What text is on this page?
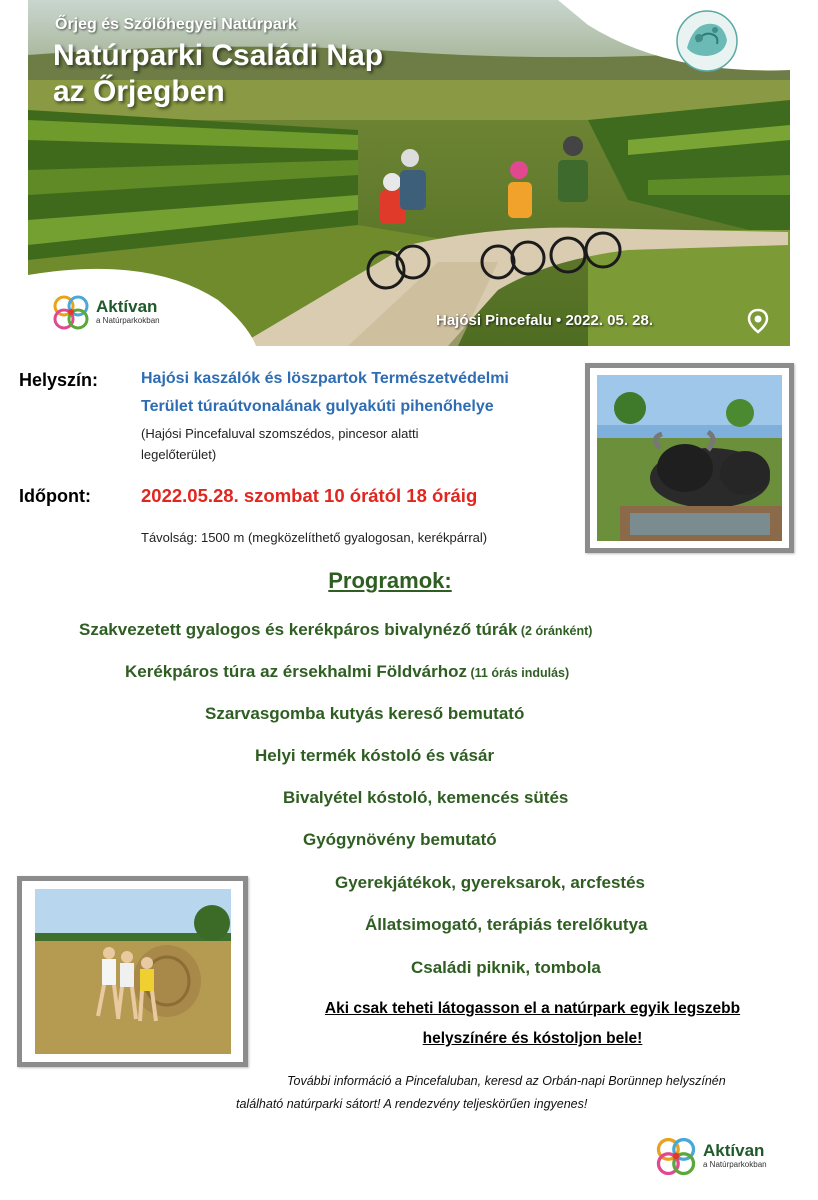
Őrjeg és Szőlőhegyei Natúrpark
Natúrparki Családi Nap
az Őrjegben
Aktívan
a Natúrparkokban	Hajósi Pincefalu • 2022. 05. 28.
Helyszín:	Hajósi kaszálók és löszpartok Természetvédelmi
Terület túraútvonalának gulyakúti pihenőhelye
(Hajósi Pincefaluval szomszédos, pincesor alatti
legelőterület)
Időpont:	2022.05.28. szombat 10 órától 18 óráig
Távolság: 1500 m (megközelíthető gyalogosan, kerékpárral)
Programok:
Szakvezetett gyalogos és kerékpáros bivalynéző túrák (2 óránként)
Kerékpáros túra az érsekhalmi Földvárhoz (11 órás indulás)
Szarvasgomba kutyás kereső bemutató
Helyi termék kóstoló és vásár
Bivalyétel kóstoló, kemencés sütés
Gyógynövény bemutató
Gyerekjátékok, gyereksarok, arcfestés
Állatsimogató, terápiás terelőkutya
Családi piknik, tombola
Aki csak teheti látogasson el a natúrpark egyik legszebb
helyszínére és kóstoljon bele!
További információ a Pincefaluban, keresd az Orbán-napi Borünnep helyszínén
található natúrparki sátort! A rendezvény teljeskörűen ingyenes!
Aktívan
a Natúrparkokban
